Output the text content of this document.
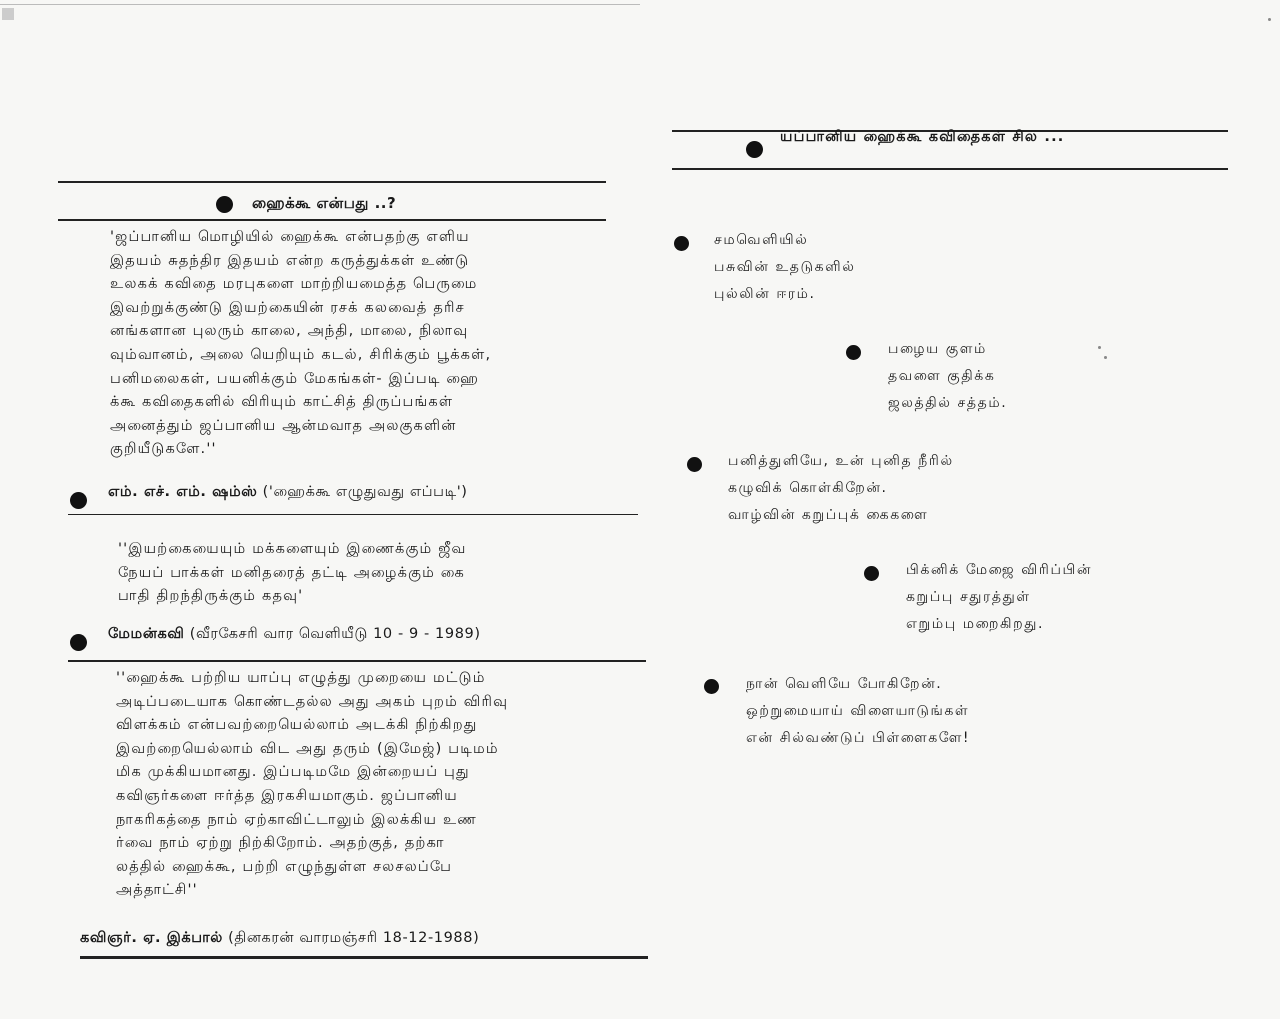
ஹைக்கூ என்பது ..?
'ஜப்பானிய மொழியில் ஹைக்கூ என்பதற்கு எளிய
இதயம் சுதந்திர இதயம் என்ற கருத்துக்கள் உண்டு
உலகக் கவிதை மரபுகளை மாற்றியமைத்த பெருமை
இவற்றுக்குண்டு இயற்கையின் ரசக் கலவைத் தரிச
னங்களான புலரும் காலை, அந்தி, மாலை, நிலாவு
வும்வானம், அலை யெறியும் கடல், சிரிக்கும் பூக்கள்,
பனிமலைகள், பயனிக்கும் மேகங்கள்- இப்படி ஹை
க்கூ கவிதைகளில் விரியும் காட்சித் திருப்பங்கள்
அனைத்தும் ஜப்பானிய ஆன்மவாத அலகுகளின்
குறியீடுகளே.''
எம். எச். எம். ஷம்ஸ் ('ஹைக்கூ எழுதுவது எப்படி')
''இயற்கையையும் மக்களையும் இணைக்கும் ஜீவ
நேயப் பாக்கள் மனிதரைத் தட்டி அழைக்கும் கை
பாதி திறந்திருக்கும் கதவு'
மேமன்கவி (வீரகேசரி வார வெளியீடு 10 - 9 - 1989)
''ஹைக்கூ பற்றிய யாப்பு எழுத்து முறையை மட்டும்
அடிப்படையாக கொண்டதல்ல அது அகம் புறம் விரிவு
விளக்கம் என்பவற்றையெல்லாம் அடக்கி நிற்கிறது
இவற்றையெல்லாம் விட அது தரும் (இமேஜ்) படிமம்
மிக முக்கியமானது. இப்படிமமே இன்றையப் புது
கவிஞர்களை ஈர்த்த இரகசியமாகும். ஜப்பானிய
நாகரிகத்தை நாம் ஏற்காவிட்டாலும் இலக்கிய உண
ர்வை நாம் ஏற்று நிற்கிறோம். அதற்குத், தற்கா
லத்தில் ஹைக்கூ, பற்றி எழுந்துள்ள சலசலப்பே
அத்தாட்சி''
கவிஞர். ஏ. இக்பால் (தினகரன் வாரமஞ்சரி 18-12-1988)
யப்பானிய ஹைக்கூ கவிதைகள் சில ...
சமவெளியில்
பசுவின் உதடுகளில்
புல்லின் ஈரம்.
பழைய குளம்
தவளை குதிக்க
ஜலத்தில் சத்தம்.
பனித்துளியே, உன் புனித நீரில்
கழுவிக் கொள்கிறேன்.
வாழ்வின் கறுப்புக் கைகளை
பிக்னிக் மேஜை விரிப்பின்
கறுப்பு சதுரத்துள்
எறும்பு மறைகிறது.
நான் வெளியே போகிறேன்.
ஒற்றுமையாய் விளையாடுங்கள்
என் சில்வண்டுப் பிள்ளைகளே!
